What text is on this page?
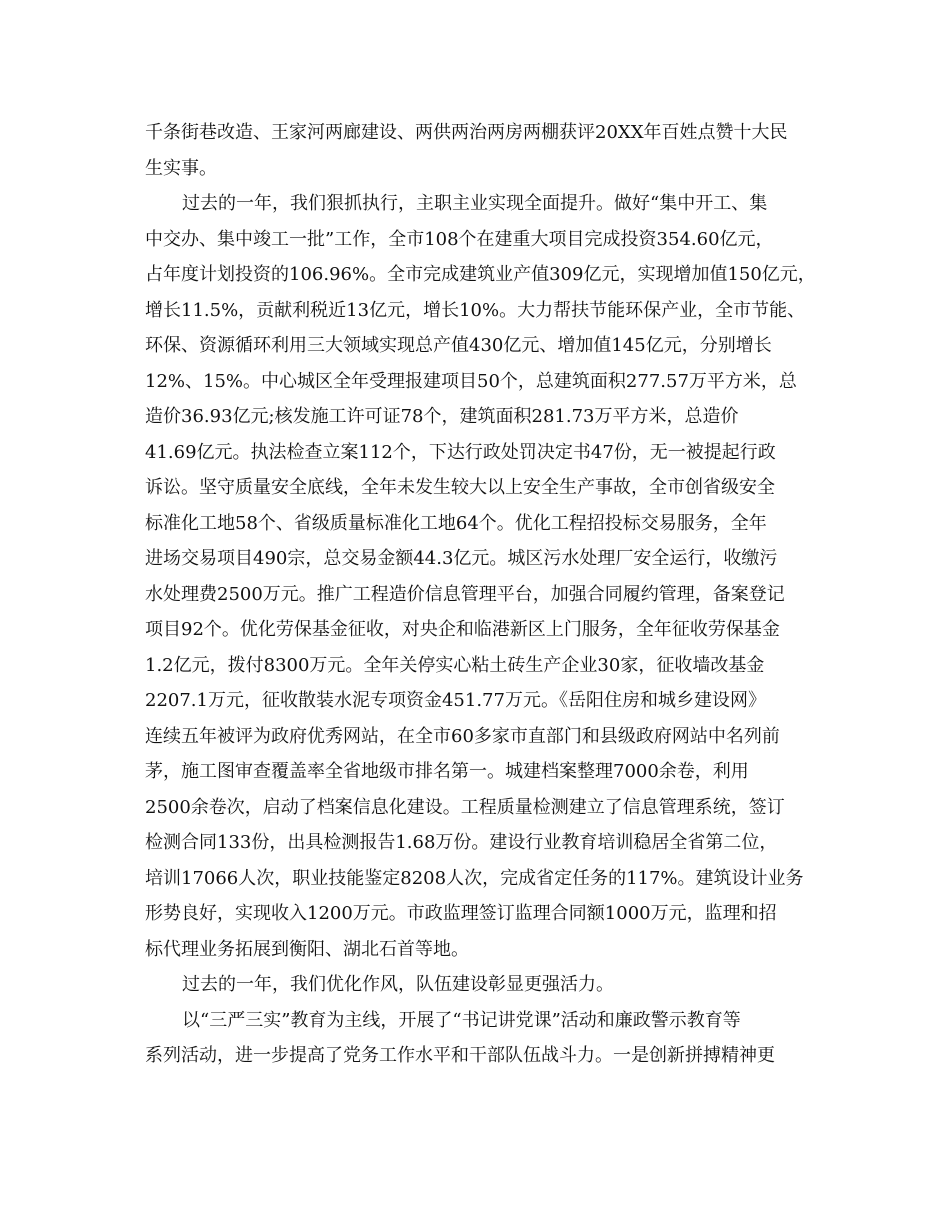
千条街巷改造、王家河两廊建设、两供两治两房两棚获评20XX年百姓点赞十大民
生实事。
过去的一年，我们狠抓执行，主职主业实现全面提升。做好“集中开工、集
中交办、集中竣工一批”工作，全市108个在建重大项目完成投资354.60亿元，
占年度计划投资的106.96%。全市完成建筑业产值309亿元，实现增加值150亿元，
增长11.5%，贡献利税近13亿元，增长10%。大力帮扶节能环保产业，全市节能、
环保、资源循环利用三大领域实现总产值430亿元、增加值145亿元，分别增长
12%、15%。中心城区全年受理报建项目50个，总建筑面积277.57万平方米，总
造价36.93亿元;核发施工许可证78个，建筑面积281.73万平方米，总造价
41.69亿元。执法检查立案112个，下达行政处罚决定书47份，无一被提起行政
诉讼。坚守质量安全底线，全年未发生较大以上安全生产事故，全市创省级安全
标准化工地58个、省级质量标准化工地64个。优化工程招投标交易服务，全年
进场交易项目490宗，总交易金额44.3亿元。城区污水处理厂安全运行，收缴污
水处理费2500万元。推广工程造价信息管理平台，加强合同履约管理，备案登记
项目92个。优化劳保基金征收，对央企和临港新区上门服务，全年征收劳保基金
1.2亿元，拨付8300万元。全年关停实心粘土砖生产企业30家，征收墙改基金
2207.1万元，征收散装水泥专项资金451.77万元。《岳阳住房和城乡建设网》
连续五年被评为政府优秀网站，在全市60多家市直部门和县级政府网站中名列前
茅，施工图审查覆盖率全省地级市排名第一。城建档案整理7000余卷，利用
2500余卷次，启动了档案信息化建设。工程质量检测建立了信息管理系统，签订
检测合同133份，出具检测报告1.68万份。建设行业教育培训稳居全省第二位，
培训17066人次，职业技能鉴定8208人次，完成省定任务的117%。建筑设计业务
形势良好，实现收入1200万元。市政监理签订监理合同额1000万元，监理和招
标代理业务拓展到衡阳、湖北石首等地。
过去的一年，我们优化作风，队伍建设彰显更强活力。
以“三严三实”教育为主线，开展了“书记讲党课”活动和廉政警示教育等
系列活动，进一步提高了党务工作水平和干部队伍战斗力。一是创新拼搏精神更
